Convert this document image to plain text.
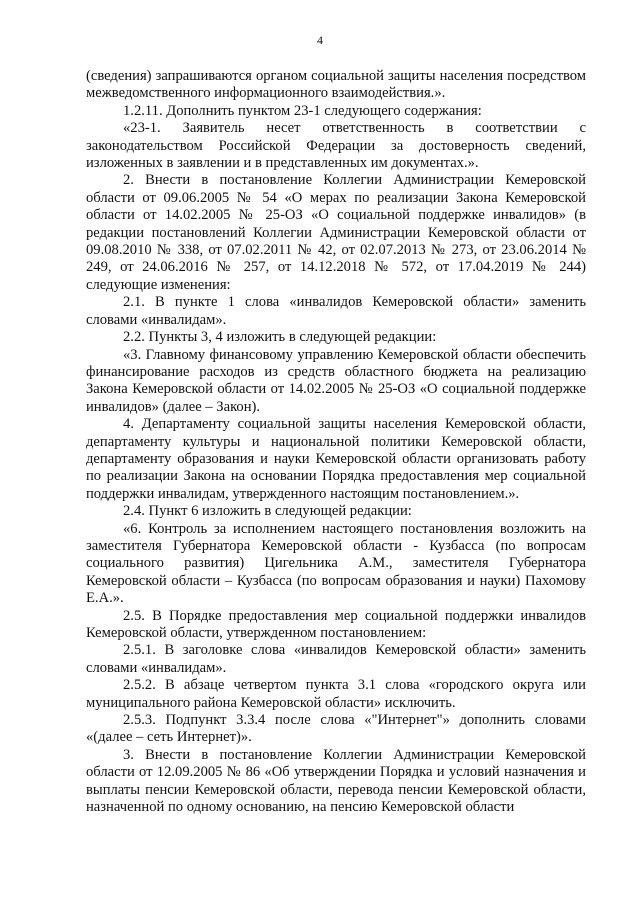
4

(сведения) запрашиваются органом социальной защиты населения посредством межведомственного информационного взаимодействия.».

1.2.11. Дополнить пунктом 23-1 следующего содержания:

«23-1. Заявитель несет ответственность в соответствии с законодательством Российской Федерации за достоверность сведений, изложенных в заявлении и в представленных им документах.».

2. Внести в постановление Коллегии Администрации Кемеровской области от 09.06.2005 № 54 «О мерах по реализации Закона Кемеровской области от 14.02.2005 № 25-ОЗ «О социальной поддержке инвалидов» (в редакции постановлений Коллегии Администрации Кемеровской области от 09.08.2010 № 338, от 07.02.2011 № 42, от 02.07.2013 № 273, от 23.06.2014 № 249, от 24.06.2016 № 257, от 14.12.2018 № 572, от 17.04.2019 № 244) следующие изменения:

2.1. В пункте 1 слова «инвалидов Кемеровской области» заменить словами «инвалидам».

2.2. Пункты 3, 4 изложить в следующей редакции:

«3. Главному финансовому управлению Кемеровской области обеспечить финансирование расходов из средств областного бюджета на реализацию Закона Кемеровской области от 14.02.2005 № 25-ОЗ «О социальной поддержке инвалидов» (далее – Закон).

4. Департаменту социальной защиты населения Кемеровской области, департаменту культуры и национальной политики Кемеровской области, департаменту образования и науки Кемеровской области организовать работу по реализации Закона на основании Порядка предоставления мер социальной поддержки инвалидам, утвержденного настоящим постановлением.».

2.4. Пункт 6 изложить в следующей редакции:

«6. Контроль за исполнением настоящего постановления возложить на заместителя Губернатора Кемеровской области - Кузбасса (по вопросам социального развития) Цигельника А.М., заместителя Губернатора Кемеровской области – Кузбасса (по вопросам образования и науки) Пахомову Е.А.».

2.5. В Порядке предоставления мер социальной поддержки инвалидов Кемеровской области, утвержденном постановлением:

2.5.1. В заголовке слова «инвалидов Кемеровской области» заменить словами «инвалидам».

2.5.2. В абзаце четвертом пункта 3.1 слова «городского округа или муниципального района Кемеровской области» исключить.

2.5.3. Подпункт 3.3.4 после слова «"Интернет"» дополнить словами «(далее – сеть Интернет)».

3. Внести в постановление Коллегии Администрации Кемеровской области от 12.09.2005 № 86 «Об утверждении Порядка и условий назначения и выплаты пенсии Кемеровской области, перевода пенсии Кемеровской области, назначенной по одному основанию, на пенсию Кемеровской области
